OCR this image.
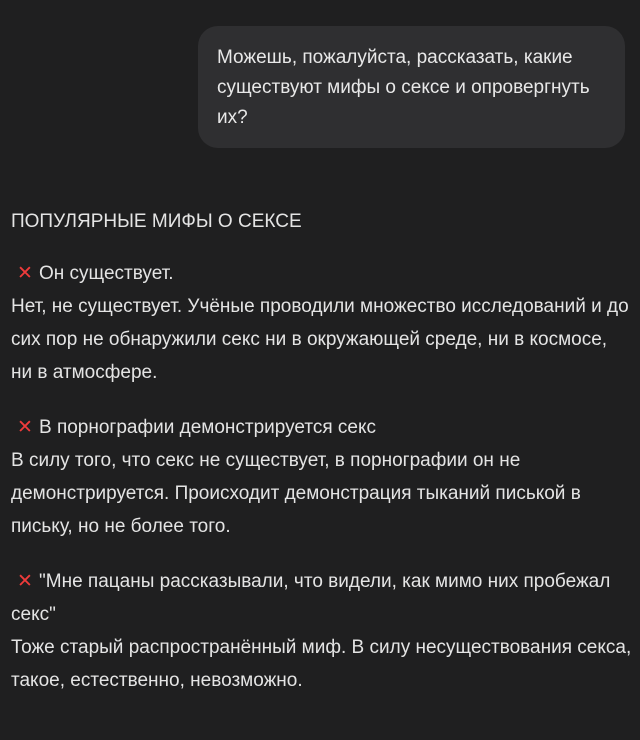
Можешь, пожалуйста, рассказать, какие существуют мифы о сексе и опровергнуть их?
ПОПУЛЯРНЫЕ МИФЫ О СЕКСЕ

✕ Он существует.

Нет, не существует. Учёные проводили множество исследований и до сих пор не обнаружили секс ни в окружающей среде, ни в космосе, ни в атмосфере.

✕ В порнографии демонстрируется секс

В силу того, что секс не существует, в порнографии он не демонстрируется. Происходит демонстрация тыканий писькой в письку, но не более того.

✕ "Мне пацаны рассказывали, что видели, как мимо них пробежал секс"

Тоже старый распространённый миф. В силу несуществования секса, такое, естественно, невозможно.
